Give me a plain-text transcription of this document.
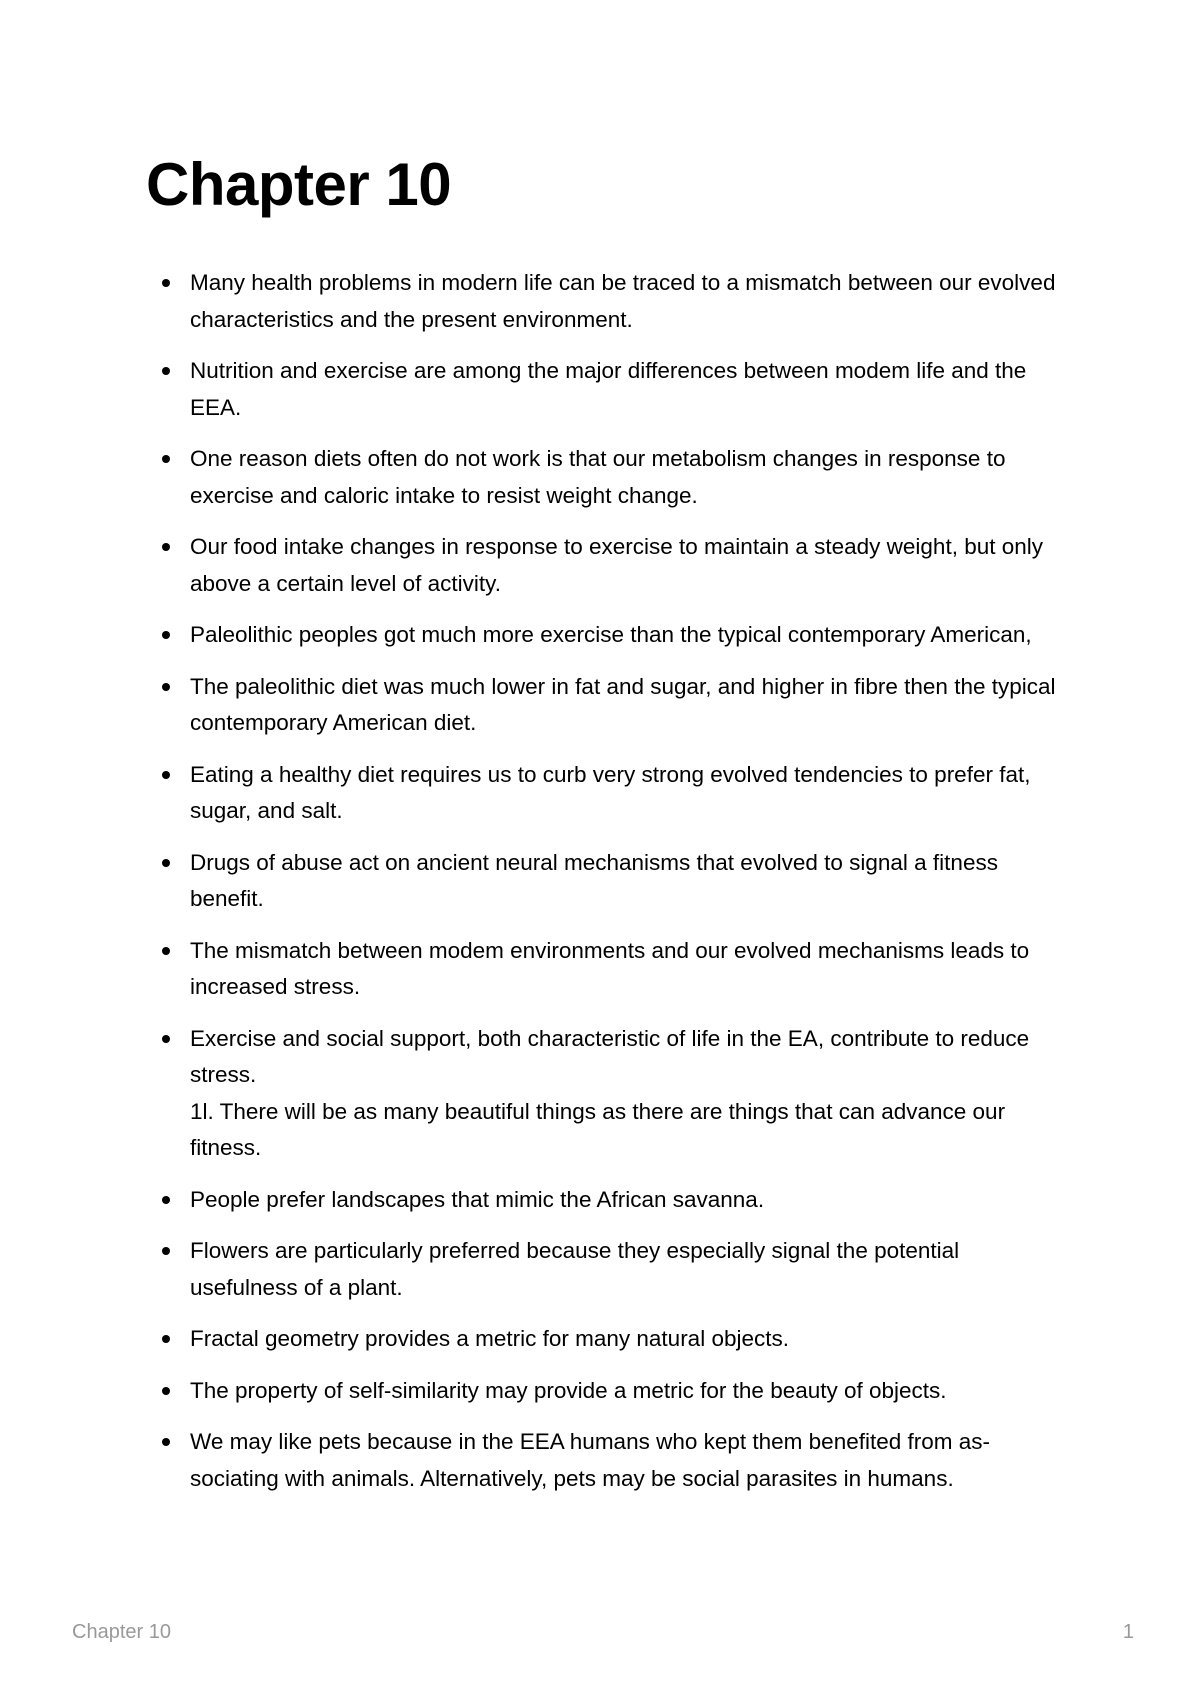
Chapter 10
Many health problems in modern life can be traced to a mismatch between our evolved characteristics and the present environment.
Nutrition and exercise are among the major differences between modem life and the EEA.
One reason diets often do not work is that our metabolism changes in response to exercise and caloric intake to resist weight change.
Our food intake changes in response to exercise to maintain a steady weight, but only above a certain level of activity.
Paleolithic peoples got much more exercise than the typical contemporary American,
The paleolithic diet was much lower in fat and sugar, and higher in fibre then the typical contemporary American diet.
Eating a healthy diet requires us to curb very strong evolved tendencies to prefer fat, sugar, and salt.
Drugs of abuse act on ancient neural mechanisms that evolved to signal a fitness benefit.
The mismatch between modem environments and our evolved mechanisms leads to increased stress.
Exercise and social support, both characteristic of life in the EA, contribute to reduce stress.
1l. There will be as many beautiful things as there are things that can advance our fitness.
People prefer landscapes that mimic the African savanna.
Flowers are particularly preferred because they especially signal the potential usefulness of a plant.
Fractal geometry provides a metric for many natural objects.
The property of self-similarity may provide a metric for the beauty of objects.
We may like pets because in the EEA humans who kept them benefited from associating with animals. Alternatively, pets may be social parasites in humans.
Chapter 10	1
